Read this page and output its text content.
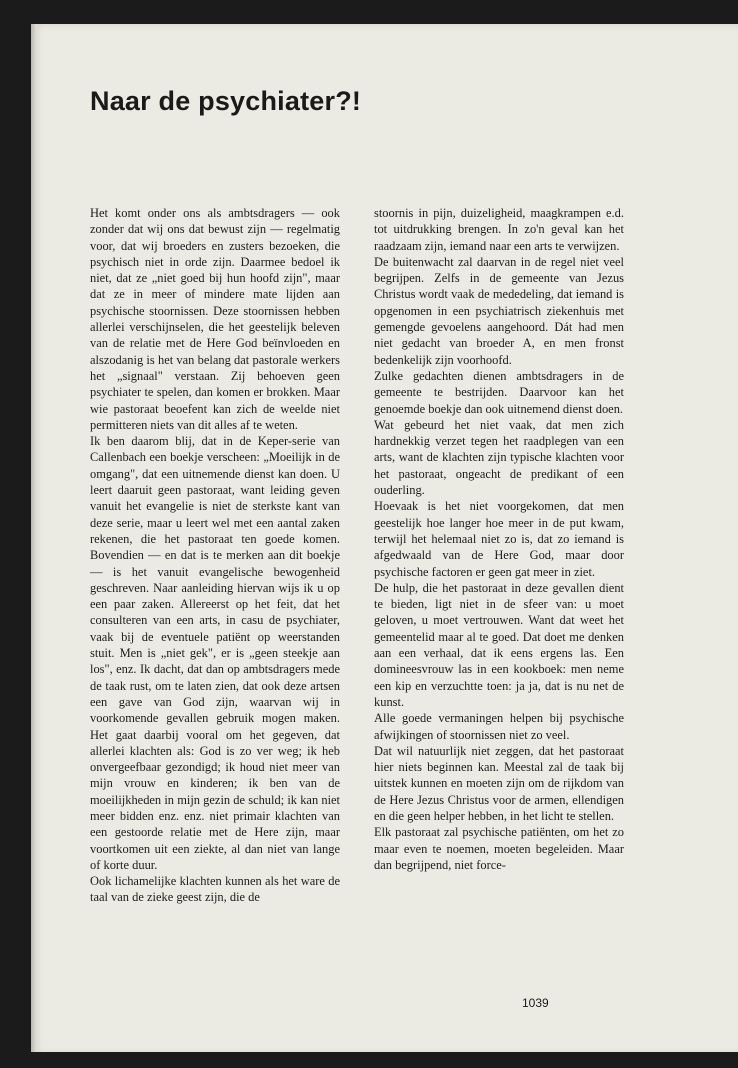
Naar de psychiater?!

Het komt onder ons als ambtsdragers — ook zonder dat wij ons dat bewust zijn — regelmatig voor, dat wij broeders en zusters bezoeken, die psychisch niet in orde zijn. Daarmee bedoel ik niet, dat ze „niet goed bij hun hoofd zijn", maar dat ze in meer of mindere mate lijden aan psychische stoornissen. Deze stoornissen hebben allerlei verschijnselen, die het geestelijk beleven van de relatie met de Here God beïnvloeden en alszodanig is het van belang dat pastorale werkers het „signaal" verstaan. Zij behoeven geen psychiater te spelen, dan komen er brokken. Maar wie pastoraat beoefent kan zich de weelde niet permitteren niets van dit alles af te weten.

Ik ben daarom blij, dat in de Keper-serie van Callenbach een boekje verscheen: „Moeilijk in de omgang", dat een uitnemende dienst kan doen. U leert daaruit geen pastoraat, want leiding geven vanuit het evangelie is niet de sterkste kant van deze serie, maar u leert wel met een aantal zaken rekenen, die het pastoraat ten goede komen. Bovendien — en dat is te merken aan dit boekje — is het vanuit evangelische bewogenheid geschreven. Naar aanleiding hiervan wijs ik u op een paar zaken. Allereerst op het feit, dat het consulteren van een arts, in casu de psychiater, vaak bij de eventuele patiënt op weerstanden stuit. Men is „niet gek", er is „geen steekje aan los", enz. Ik dacht, dat dan op ambtsdragers mede de taak rust, om te laten zien, dat ook deze artsen een gave van God zijn, waarvan wij in voorkomende gevallen gebruik mogen maken. Het gaat daarbij vooral om het gegeven, dat allerlei klachten als: God is zo ver weg; ik heb onvergeefbaar gezondigd; ik houd niet meer van mijn vrouw en kinderen; ik ben van de moeilijkheden in mijn gezin de schuld; ik kan niet meer bidden enz. enz. niet primair klachten van een gestoorde relatie met de Here zijn, maar voortkomen uit een ziekte, al dan niet van lange of korte duur.

Ook lichamelijke klachten kunnen als het ware de taal van de zieke geest zijn, die de

stoornis in pijn, duizeligheid, maagkrampen e.d. tot uitdrukking brengen. In zo'n geval kan het raadzaam zijn, iemand naar een arts te verwijzen.

De buitenwacht zal daarvan in de regel niet veel begrijpen. Zelfs in de gemeente van Jezus Christus wordt vaak de mededeling, dat iemand is opgenomen in een psychiatrisch ziekenhuis met gemengde gevoelens aangehoord. Dát had men niet gedacht van broeder A, en men fronst bedenkelijk zijn voorhoofd.

Zulke gedachten dienen ambtsdragers in de gemeente te bestrijden. Daarvoor kan het genoemde boekje dan ook uitnemend dienst doen.

Wat gebeurd het niet vaak, dat men zich hardnekkig verzet tegen het raadplegen van een arts, want de klachten zijn typische klachten voor het pastoraat, ongeacht de predikant of een ouderling.

Hoevaak is het niet voorgekomen, dat men geestelijk hoe langer hoe meer in de put kwam, terwijl het helemaal niet zo is, dat zo iemand is afgedwaald van de Here God, maar door psychische factoren er geen gat meer in ziet.

De hulp, die het pastoraat in deze gevallen dient te bieden, ligt niet in de sfeer van: u moet geloven, u moet vertrouwen. Want dat weet het gemeentelid maar al te goed. Dat doet me denken aan een verhaal, dat ik eens ergens las. Een domineesvrouw las in een kookboek: men neme een kip en verzuchtte toen: ja ja, dat is nu net de kunst.

Alle goede vermaningen helpen bij psychische afwijkingen of stoornissen niet zo veel.

Dat wil natuurlijk niet zeggen, dat het pastoraat hier niets beginnen kan. Meestal zal de taak bij uitstek kunnen en moeten zijn om de rijkdom van de Here Jezus Christus voor de armen, ellendigen en die geen helper hebben, in het licht te stellen.

Elk pastoraat zal psychische patiënten, om het zo maar even te noemen, moeten begeleiden. Maar dan begrijpend, niet force-

1039
